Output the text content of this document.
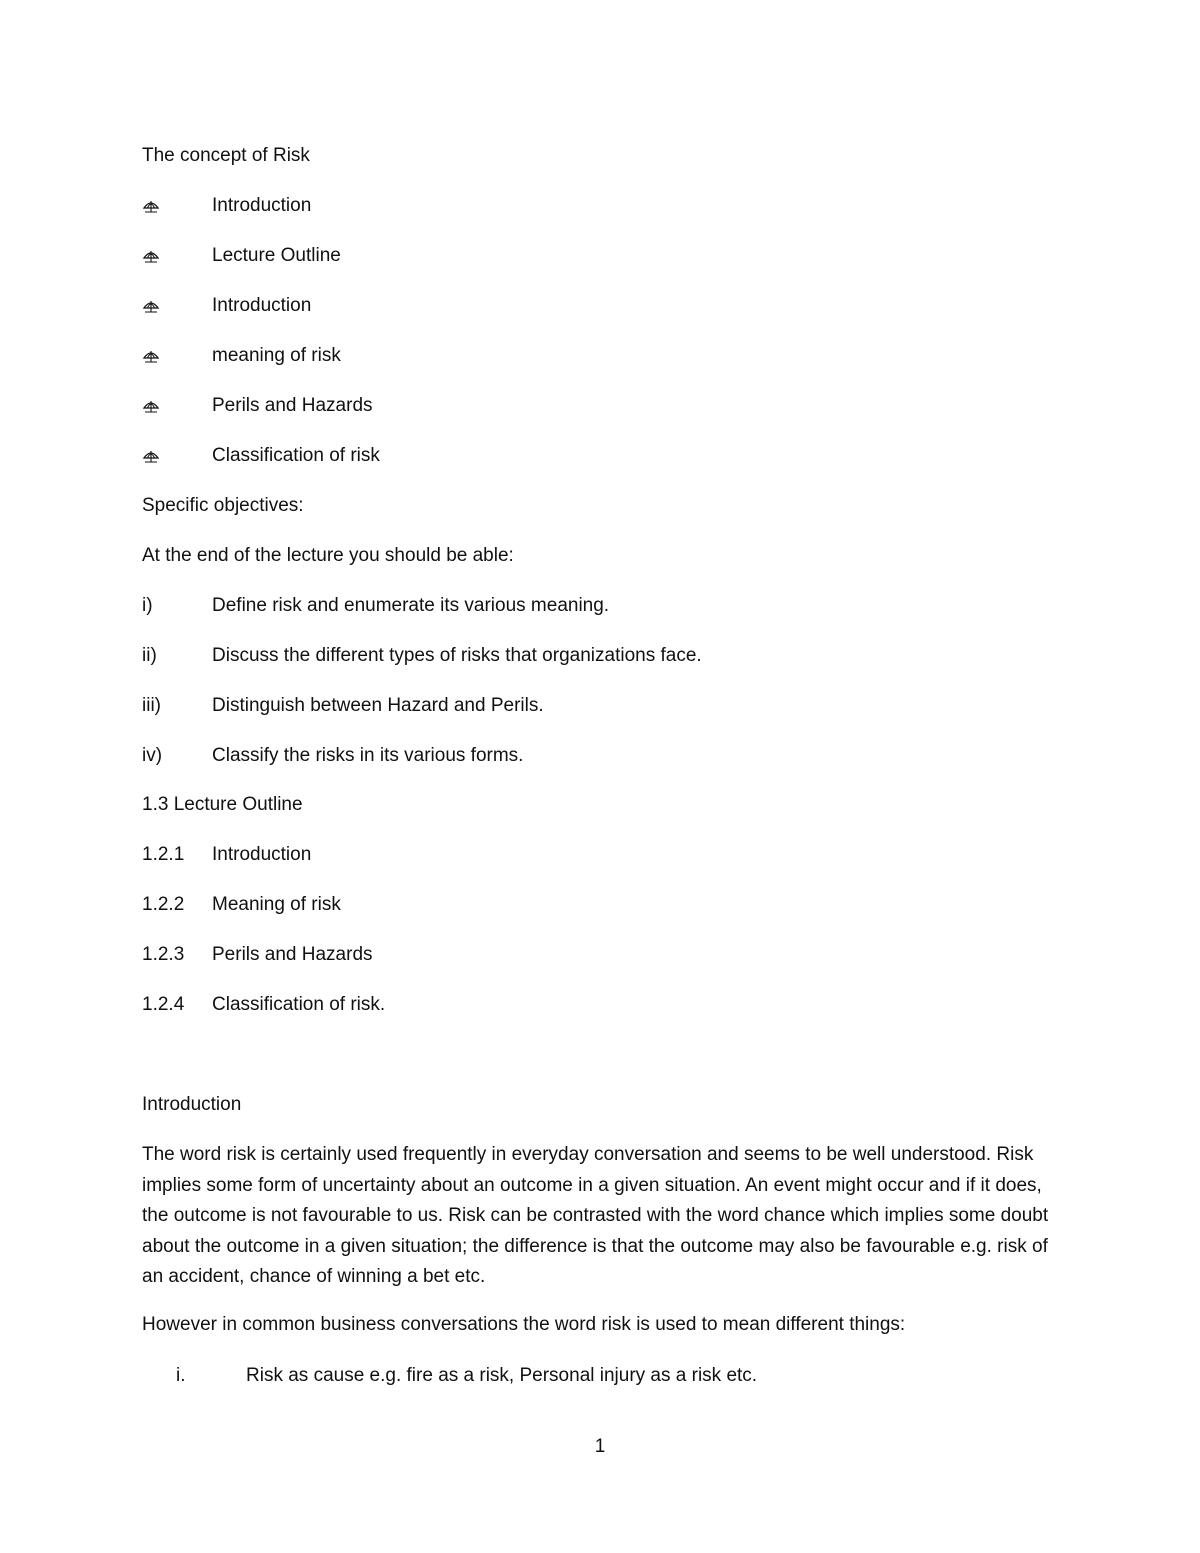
The concept of Risk
Introduction
Lecture Outline
Introduction
meaning of risk
Perils and Hazards
Classification of risk
Specific objectives:
At the end of the lecture you should be able:
i)	Define risk and enumerate its various meaning.
ii)	Discuss the different types of risks that organizations face.
iii)	Distinguish between Hazard and Perils.
iv)	Classify the risks in its various forms.
1.3 Lecture Outline
1.2.1	Introduction
1.2.2	Meaning of risk
1.2.3	Perils and Hazards
1.2.4	Classification of risk.
Introduction
The word risk is certainly used frequently in everyday conversation and seems to be well understood. Risk implies some form of uncertainty about an outcome in a given situation. An event might occur and if it does, the outcome is not favourable to us. Risk can be contrasted with the word chance which implies some doubt about the outcome in a given situation; the difference is that the outcome may also be favourable e.g. risk of an accident, chance of winning a bet etc.
However in common business conversations the word risk is used to mean different things:
i.	Risk as cause e.g. fire as a risk, Personal injury as a risk etc.
1
